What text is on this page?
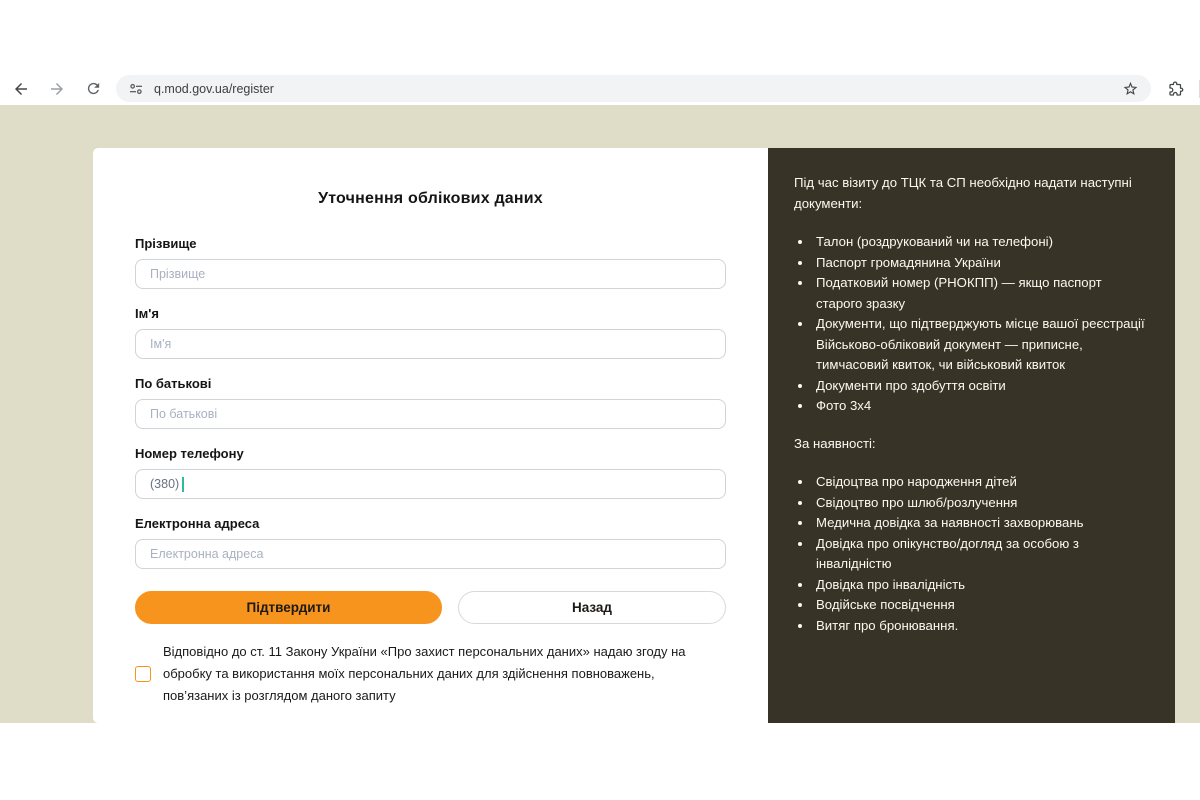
q.mod.gov.ua/register
Уточнення облікових даних
Прізвище
Прізвище
Ім'я
Ім'я
По батькові
По батькові
Номер телефону
(380)
Електронна адреса
Електронна адреса
Підтвердити	Назад
Відповідно до ст. 11 Закону України «Про захист персональних даних» надаю згоду на обробку та використання моїх персональних даних для здійснення повноважень, пов’язаних із розглядом даного запиту

Під час візиту до ТЦК та СП необхідно надати наступні документи:

• Талон (роздрукований чи на телефоні)
• Паспорт громадянина України
• Податковий номер (РНОКПП) — якщо паспорт старого зразку
• Документи, що підтверджують місце вашої реєстрації Військово-обліковий документ — приписне, тимчасовий квиток, чи військовий квиток
• Документи про здобуття освіти
• Фото 3х4

За наявності:

• Свідоцтва про народження дітей
• Свідоцтво про шлюб/розлучення
• Медична довідка за наявності захворювань
• Довідка про опікунство/догляд за особою з інвалідністю
• Довідка про інвалідність
• Водійське посвідчення
• Витяг про бронювання.
